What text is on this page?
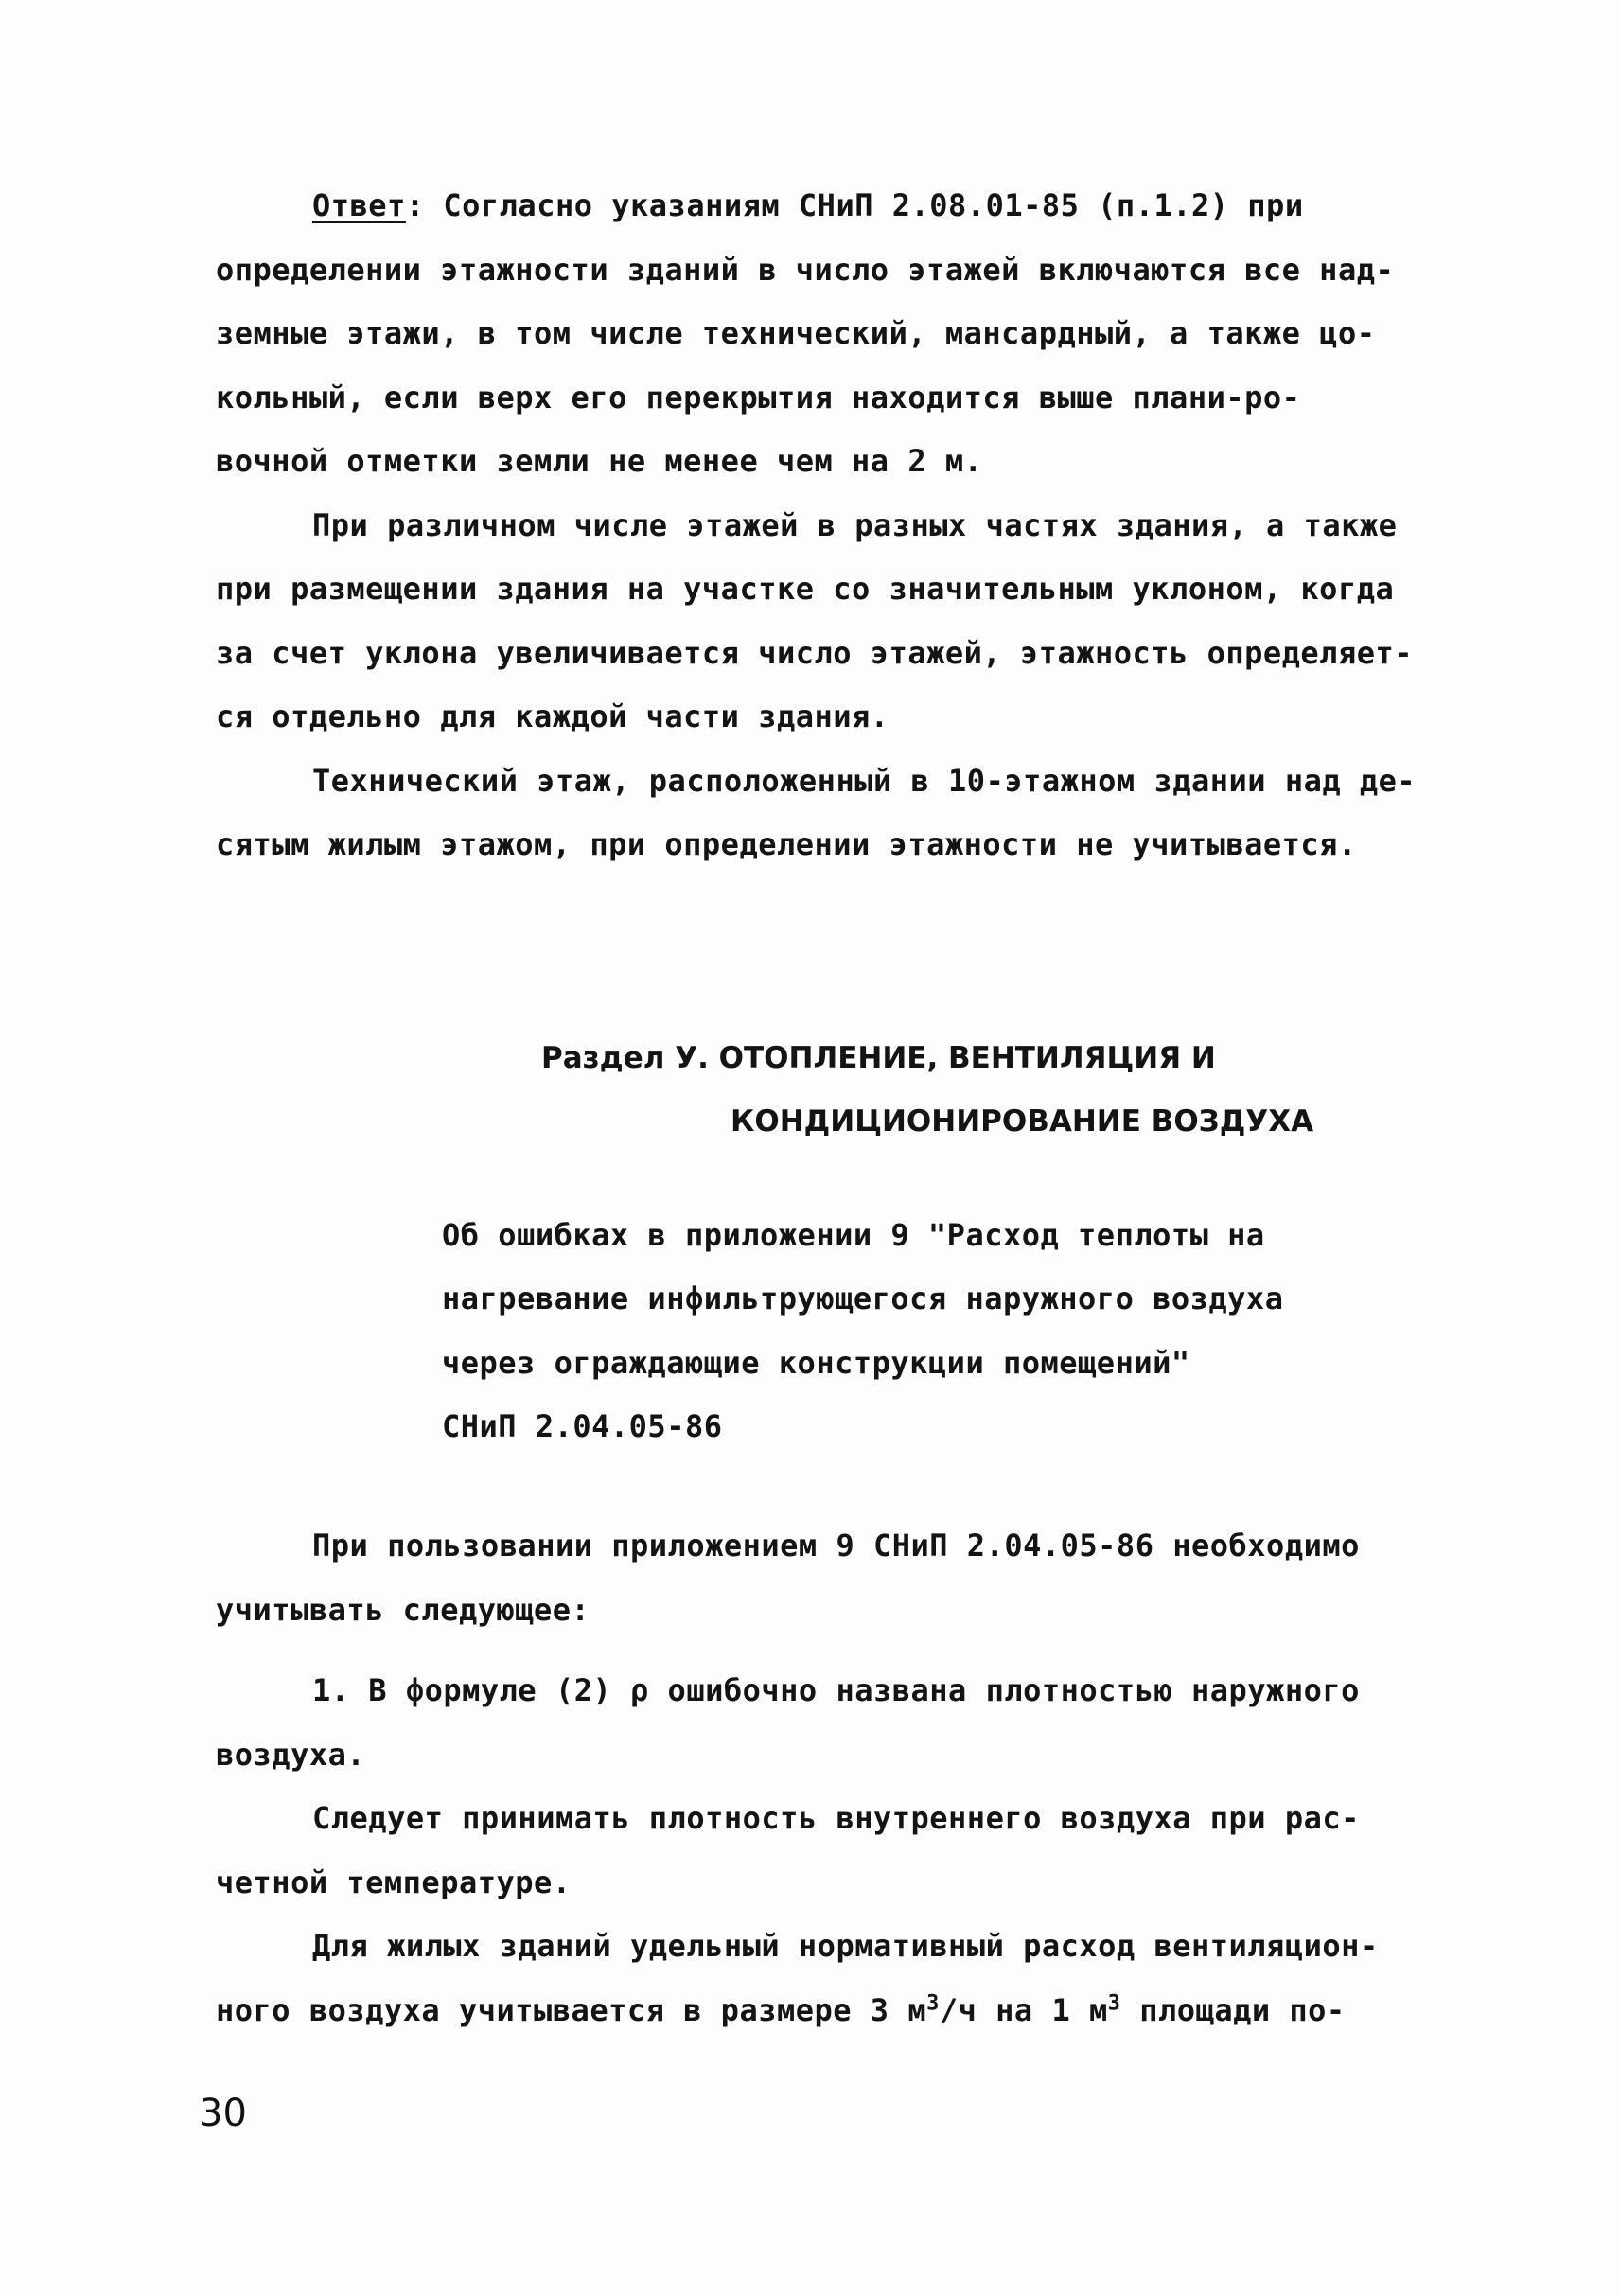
Ответ: Согласно указаниям СНиП 2.08.01-85 (п.1.2) при
определении этажности зданий в число этажей включаются все над-
земные этажи, в том числе технический, мансардный, а также цо-
кольный, если верх его перекрытия находится выше плани-ро-
вочной отметки земли не менее чем на 2 м.
При различном числе этажей в разных частях здания, а также
при размещении здания на участке со значительным уклоном, когда
за счет уклона увеличивается число этажей, этажность определяет-
ся отдельно для каждой части здания.
Технический этаж, расположенный в 10-этажном здании над де-
сятым жилым этажом, при определении этажности не учитывается.
Раздел У. ОТОПЛЕНИЕ, ВЕНТИЛЯЦИЯ И
КОНДИЦИОНИРОВАНИЕ ВОЗДУХА
Об ошибках в приложении 9 "Расход теплоты на
нагревание инфильтрующегося наружного воздуха
через ограждающие конструкции помещений"
СНиП 2.04.05-86
При пользовании приложением 9 СНиП 2.04.05-86 необходимо
учитывать следующее:
1. В формуле (2) ρ ошибочно названа плотностью наружного
воздуха.
Следует принимать плотность внутреннего воздуха при рас-
четной температуре.
Для жилых зданий удельный нормативный расход вентиляцион-
ного воздуха учитывается в размере 3 $м^3/ч$ на 1 $м^3$ площади по-
30
